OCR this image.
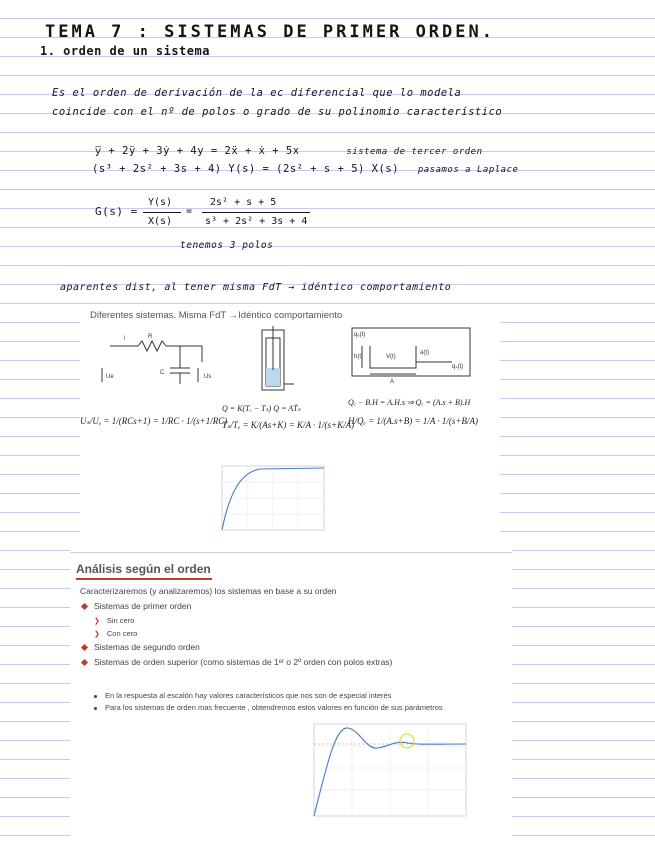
TEMA 7 : SISTEMAS DE PRIMER ORDEN.
1. orden de un sistema
Es el orden de derivación de la ec diferencial que lo modela
coincide con el nº de polos o grado de su polinomio característico
y⃛ + 2ÿ + 3ẏ + 4y = 2ẍ + ẋ + 5x	sistema de tercer orden
(s³ + 2s² + 3s + 4) Y(s) = (2s² + s + 5) X(s) pasamos a Laplace
G(s) =
Y(s)
X(s)
=
2s² + s + 5
s³ + 2s² + 3s + 4
tenemos 3 polos
aparentes dist, al tener misma FdT → idéntico comportamiento
Diferentes sistemas. Misma FdT →Idéntico comportamiento
i	R
C
Ue	Us
qₑ(t)
h(t)	V(t)
a(t)
qₛ(t)
A
Uₛ/Uₑ = 1/(RCs+1) = 1/RC · 1/(s+1/RC)
Q = K(Tₑ − Tₛ) Q = AṪₛ
Tₛ/Tₑ = K/(As+K) = K/A · 1/(s+K/A)
Qₑ − B.H = A.H.s ⇒ Qₑ = (A.s + B).H
H/Qₑ = 1/(A.s+B) = 1/A · 1/(s+B/A)
Análisis según el orden
Caracterizaremos (y analizaremos) los sistemas en base a su orden
Sistemas de primer orden
❯ Sin cero
❯ Con cero
Sistemas de segundo orden
Sistemas de orden superior (como sistemas de 1ᵉʳ o 2º orden con polos extras)
En la respuesta al escalón hay valores característicos que nos son de especial interés
Para los sistemas de orden mas frecuente , obtendremos estos valores en función de sus parámetros
